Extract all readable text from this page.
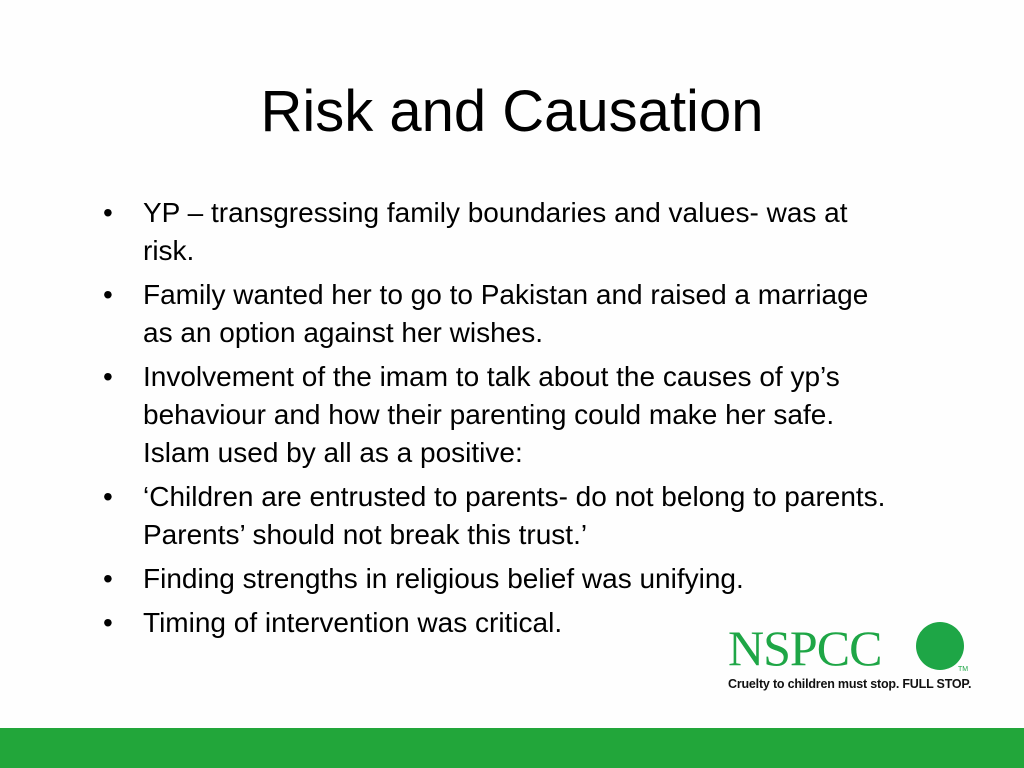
Risk and Causation
• YP – transgressing family boundaries and values- was at risk.
• Family wanted her to go to Pakistan and raised a marriage as an option against her wishes.
• Involvement of the imam to talk about the causes of yp’s behaviour and how their parenting could make her safe. Islam used by all as a positive:
• ‘Children are entrusted to parents- do not belong to parents. Parents’ should not break this trust.’
• Finding strengths in religious belief was unifying.
• Timing of intervention was critical.	NSPCC	TM
Cruelty to children must stop. FULL STOP.
